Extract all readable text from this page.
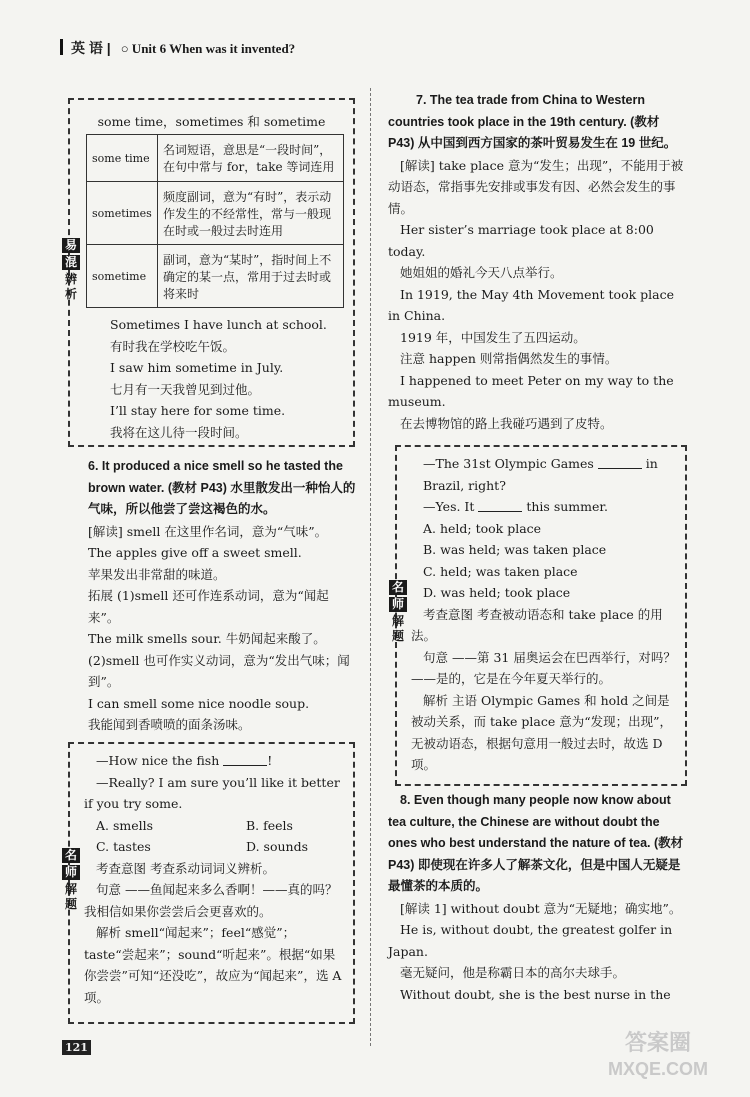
英 语 | ○ Unit 6 When was it invented?
some time，sometimes 和 sometime
some time	名词短语，意思是“一段时间”，在句中常与 for，take 等词连用
sometimes	频度副词，意为“有时”，表示动作发生的不经常性，常与一般现在时或一般过去时连用
sometime	副词，意为“某时”，指时间上不确定的某一点，常用于过去时或将来时
Sometimes I have lunch at school.
有时我在学校吃午饭。
I saw him sometime in July.
七月有一天我曾见到过他。
I’ll stay here for some time.
我将在这儿待一段时间。
易
混
辨
析
6. It produced a nice smell so he tasted the brown water. (教材 P43) 水里散发出一种怡人的气味，所以他尝了尝这褐色的水。
[解读] smell 在这里作名词，意为“气味”。
The apples give off a sweet smell.
苹果发出非常甜的味道。
拓展 (1)smell 还可作连系动词，意为“闻起来”。
The milk smells sour. 牛奶闻起来酸了。
(2)smell 也可作实义动词，意为“发出气味；闻到”。
I can smell some nice noodle soup.
我能闻到香喷喷的面条汤味。
—How nice the fish	!
—Really? I am sure you’ll like it better if you try some.
A. smells	B. feels
C. tastes	D. sounds
考查意图 考查系动词词义辨析。
句意 ——鱼闻起来多么香啊！——真的吗？我相信如果你尝尝后会更喜欢的。
解析 smell“闻起来”；feel“感觉”；taste“尝起来”；sound“听起来”。根据“如果你尝尝”可知“还没吃”，故应为“闻起来”，选 A 项。
名
师
解
题
7. The tea trade from China to Western countries took place in the 19th century. (教材 P43) 从中国到西方国家的茶叶贸易发生在 19 世纪。
[解读] take place 意为“发生；出现”，不能用于被动语态，常指事先安排或事发有因、必然会发生的事情。
Her sister’s marriage took place at 8:00 today.
她姐姐的婚礼今天八点举行。
In 1919, the May 4th Movement took place in China.
1919 年，中国发生了五四运动。
注意 happen 则常指偶然发生的事情。
I happened to meet Peter on my way to the museum.
在去博物馆的路上我碰巧遇到了皮特。
—The 31st Olympic Games	in Brazil, right?
—Yes. It	this summer.
A. held; took place
B. was held; was taken place
C. held; was taken place
D. was held; took place
考查意图 考查被动语态和 take place 的用法。
句意 ——第 31 届奥运会在巴西举行，对吗？——是的，它是在今年夏天举行的。
解析 主语 Olympic Games 和 hold 之间是被动关系，而 take place 意为“发现；出现”，无被动语态，根据句意用一般过去时，故选 D 项。
名
师
解
题
8. Even though many people now know about tea culture, the Chinese are without doubt the ones who best understand the nature of tea. (教材 P43) 即使现在许多人了解茶文化，但是中国人无疑是最懂茶的本质的。
[解读 1] without doubt 意为“无疑地；确实地”。
He is, without doubt, the greatest golfer in Japan.
毫无疑问，他是称霸日本的高尔夫球手。
Without doubt, she is the best nurse in the
121	答案圈
MXQE.COM
